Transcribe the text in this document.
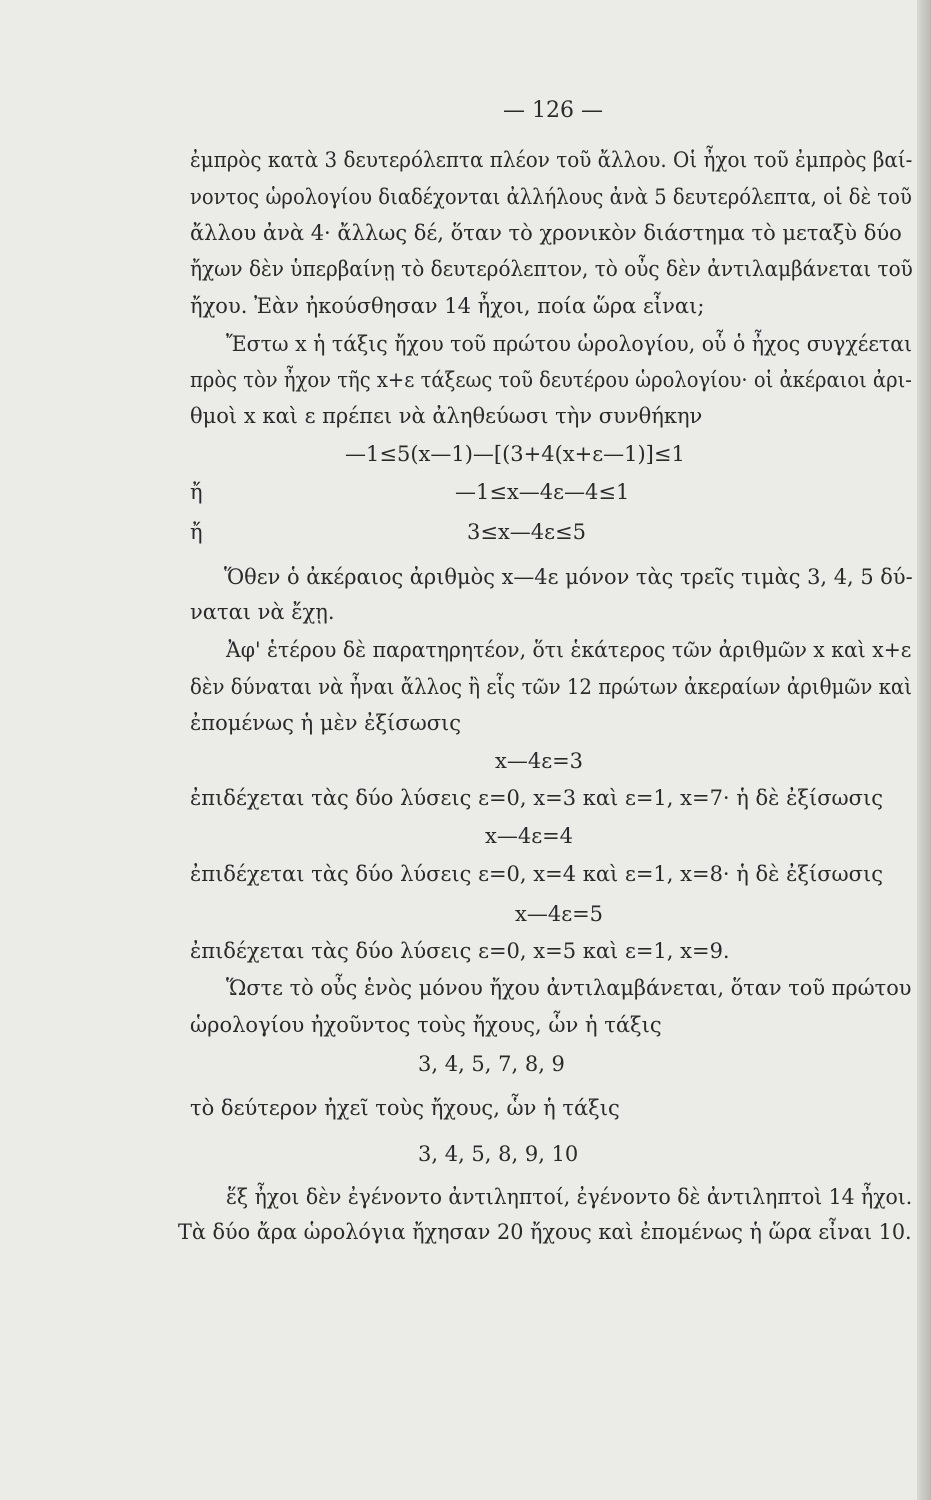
— 126 —
ἐμπρὸς κατὰ 3 δευτερόλεπτα πλέον τοῦ ἄλλου. Οἱ ἦχοι τοῦ ἐμπρὸς βαί-
νοντος ὡρολογίου διαδέχονται ἀλλήλους ἀνὰ 5 δευτερόλεπτα, οἱ δὲ τοῦ
ἄλλου ἀνὰ 4· ἄλλως δέ, ὅταν τὸ χρονικὸν διάστημα τὸ μεταξὺ δύο
ἤχων δὲν ὑπερβαίνῃ τὸ δευτερόλεπτον, τὸ οὖς δὲν ἀντιλαμβάνεται τοῦ
ἤχου. Ἐὰν ἠκούσθησαν 14 ἦχοι, ποία ὥρα εἶναι;
Ἔστω x ἡ τάξις ἤχου τοῦ πρώτου ὡρολογίου, οὗ ὁ ἦχος συγχέεται
πρὸς τὸν ἦχον τῆς x+ε τάξεως τοῦ δευτέρου ὡρολογίου· οἱ ἀκέραιοι ἀρι-
θμοὶ x καὶ ε πρέπει νὰ ἀληθεύωσι τὴν συνθήκην
—1≤5(x—1)—[(3+4(x+ε—1)]≤1
ἤ	—1≤x—4ε—4≤1
ἤ	3≤x—4ε≤5
Ὅθεν ὁ ἀκέραιος ἀριθμὸς x—4ε μόνον τὰς τρεῖς τιμὰς 3, 4, 5 δύ-
ναται νὰ ἔχῃ.
Ἀφ' ἑτέρου δὲ παρατηρητέον, ὅτι ἑκάτερος τῶν ἀριθμῶν x καὶ x+ε
δὲν δύναται νὰ ἦναι ἄλλος ἢ εἷς τῶν 12 πρώτων ἀκεραίων ἀριθμῶν καὶ
ἐπομένως ἡ μὲν ἐξίσωσις
x—4ε=3
ἐπιδέχεται τὰς δύο λύσεις ε=0, x=3 καὶ ε=1, x=7· ἡ δὲ ἐξίσωσις
x—4ε=4
ἐπιδέχεται τὰς δύο λύσεις ε=0, x=4 καὶ ε=1, x=8· ἡ δὲ ἐξίσωσις
x—4ε=5
ἐπιδέχεται τὰς δύο λύσεις ε=0, x=5 καὶ ε=1, x=9.
Ὥστε τὸ οὖς ἑνὸς μόνου ἤχου ἀντιλαμβάνεται, ὅταν τοῦ πρώτου
ὡρολογίου ἠχοῦντος τοὺς ἤχους, ὧν ἡ τάξις
3, 4, 5, 7, 8, 9
τὸ δεύτερον ἠχεῖ τοὺς ἤχους, ὧν ἡ τάξις
3, 4, 5, 8, 9, 10
ἕξ ἦχοι δὲν ἐγένοντο ἀντιληπτοί, ἐγένοντο δὲ ἀντιληπτοὶ 14 ἦχοι.
Τὰ δύο ἄρα ὡρολόγια ἤχησαν 20 ἤχους καὶ ἐπομένως ἡ ὥρα εἶναι 10.
